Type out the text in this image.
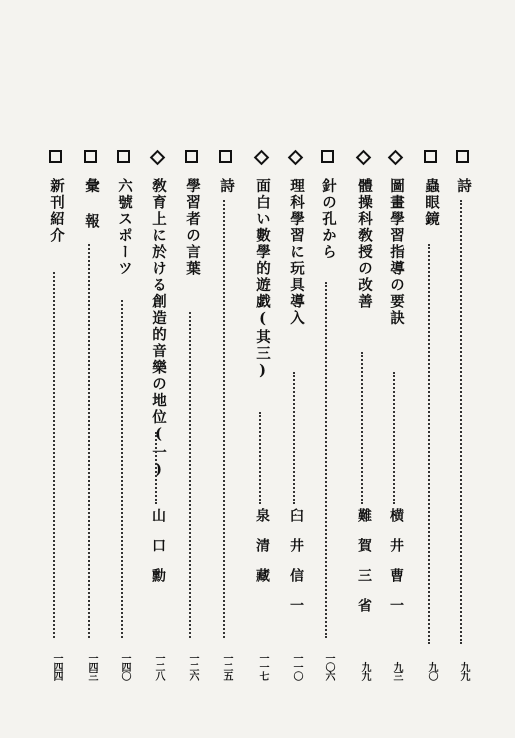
詩
九九
蟲眼鏡
九〇
圖畫學習指導の要訣
横 井 曹 一
九三
體操科敎授の改善
難 賀 三 省
九九
針の孔から
一〇六
理科學習に玩具導入
臼 井 信 一
一一〇
面白い數學的遊戯(其三)
泉 清 藏
一一七
詩
一二五
學習者の言葉
一二六
敎育上に於ける創造的音樂の地位(一)
山 口 勳
一二八
六號スポーツ
一四〇
彙 報
一四三
新刊紹介
一四四
